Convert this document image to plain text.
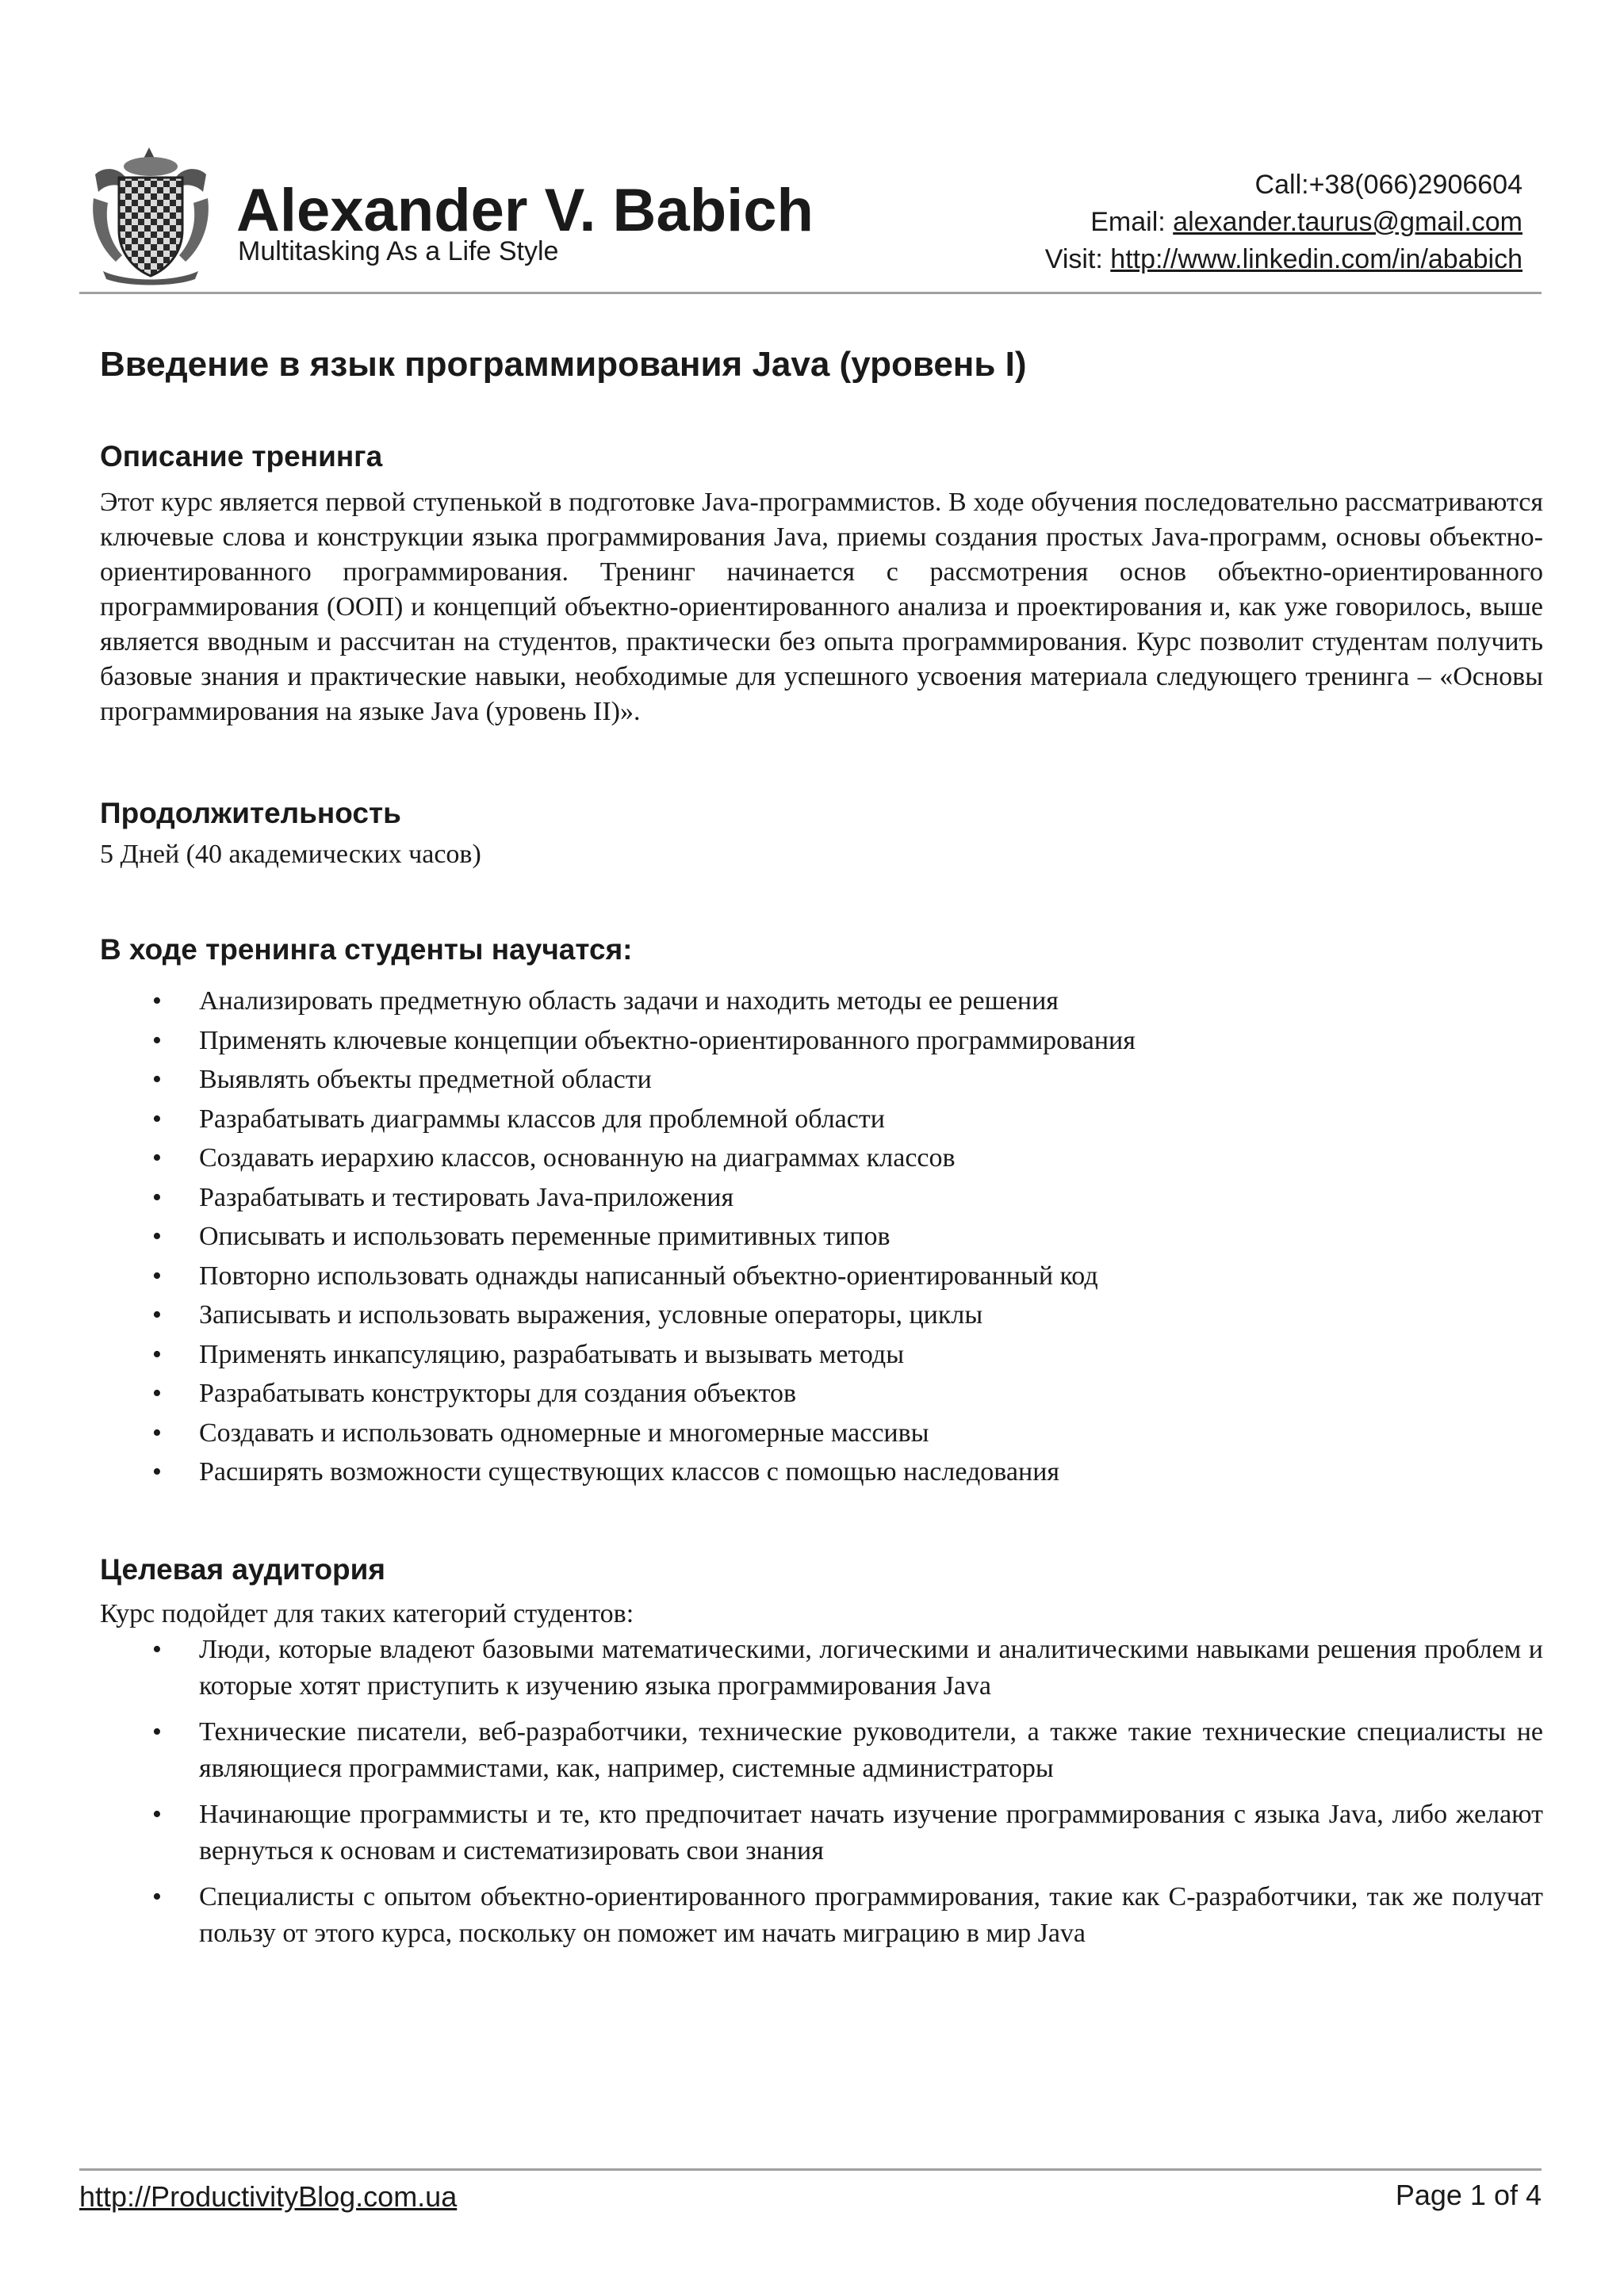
Alexander V. Babich
Multitasking As a Life Style
Call:+38(066)2906604
Email: alexander.taurus@gmail.com
Visit: http://www.linkedin.com/in/ababich
Введение в язык программирования Java (уровень I)
Описание тренинга

Этот курс является первой ступенькой в подготовке Java-программистов. В ходе обучения последовательно рассматриваются ключевые слова и конструкции языка программирования Java, приемы создания простых Java-программ, основы объектно-ориентированного программирования. Тренинг начинается с рассмотрения основ объектно-ориентированного программирования (ООП) и концепций объектно-ориентированного анализа и проектирования и, как уже говорилось, выше является вводным и рассчитан на студентов, практически без опыта программирования. Курс позволит студентам получить базовые знания и практические навыки, необходимые для успешного усвоения материала следующего тренинга – «Основы программирования на языке Java (уровень II)».

Продолжительность

5 Дней (40 академических часов)

В ходе тренинга студенты научатся:
• Анализировать предметную область задачи и находить методы ее решения
• Применять ключевые концепции объектно-ориентированного программирования
• Выявлять объекты предметной области
• Разрабатывать диаграммы классов для проблемной области
• Создавать иерархию классов, основанную на диаграммах классов
• Разрабатывать и тестировать Java-приложения
• Описывать и использовать переменные примитивных типов
• Повторно использовать однажды написанный объектно-ориентированный код
• Записывать и использовать выражения, условные операторы, циклы
• Применять инкапсуляцию, разрабатывать и вызывать методы
• Разрабатывать конструкторы для создания объектов
• Создавать и использовать одномерные и многомерные массивы
• Расширять возможности существующих классов с помощью наследования
Целевая аудитория

Курс подойдет для таких категорий студентов:

• Люди, которые владеют базовыми математическими, логическими и аналитическими навыками решения проблем и которые хотят приступить к изучению языка программирования Java
• Технические писатели, веб-разработчики, технические руководители, а также такие технические специалисты не являющиеся программистами, как, например, системные администраторы
• Начинающие программисты и те, кто предпочитает начать изучение программирования с языка Java, либо желают вернуться к основам и систематизировать свои знания
• Специалисты с опытом объектно-ориентированного программирования, такие как С-разработчики, так же получат пользу от этого курса, поскольку он поможет им начать миграцию в мир Java
http://ProductivityBlog.com.ua	Page 1 of 4
